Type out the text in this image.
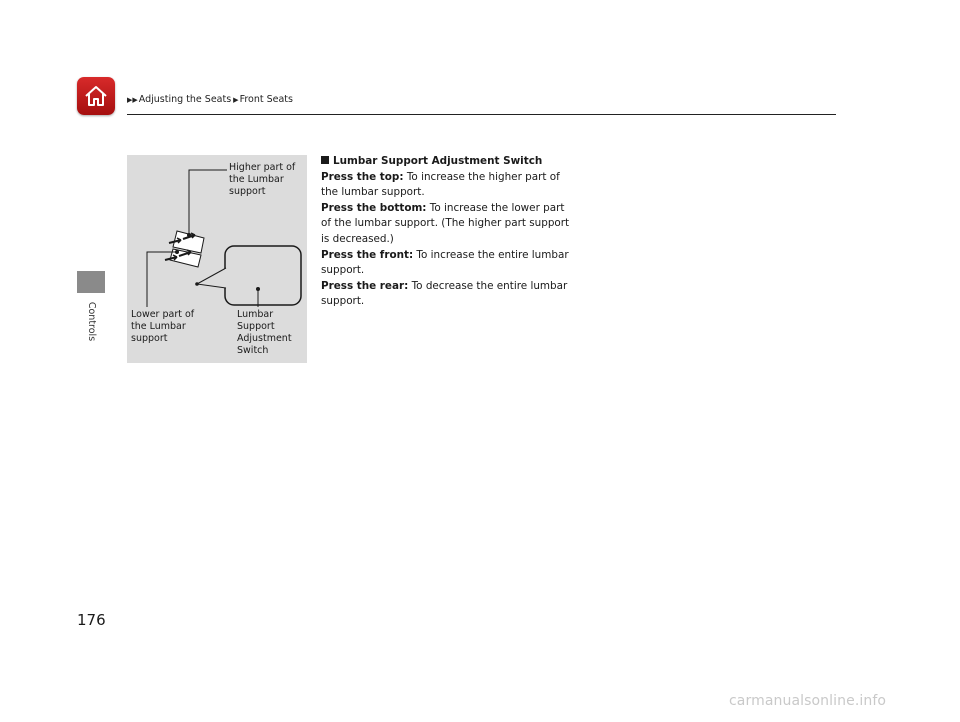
▶▶ Adjusting the Seats ▶ Front Seats
Controls
Higher part of
the Lumbar
support
Lower part of
the Lumbar
support
Lumbar
Support
Adjustment
Switch
Lumbar Support Adjustment Switch

Press the top: To increase the higher part of the lumbar support.

Press the bottom: To increase the lower part of the lumbar support. (The higher part support is decreased.)

Press the front: To increase the entire lumbar support.

Press the rear: To decrease the entire lumbar support.

176
carmanualsonline.info
